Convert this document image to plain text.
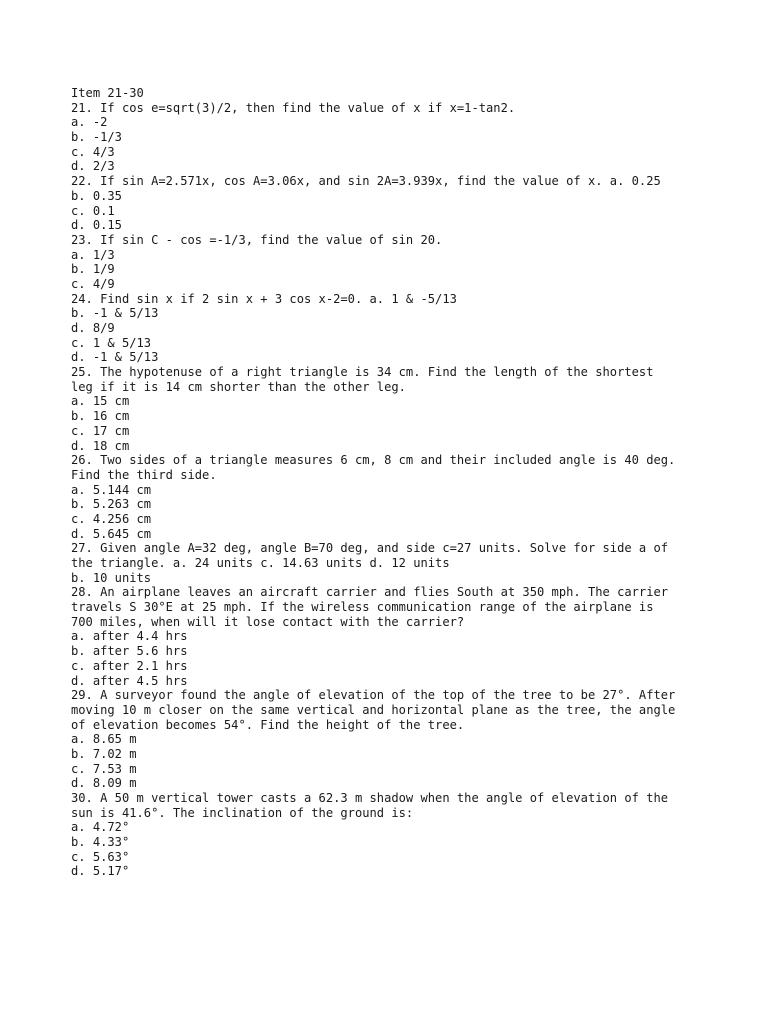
Item 21-30
21. If cos e=sqrt(3)/2, then find the value of x if x=1-tan2.
a. -2
b. -1/3
c. 4/3
d. 2/3
22. If sin A=2.571x, cos A=3.06x, and sin 2A=3.939x, find the value of x. a. 0.25
b. 0.35
c. 0.1
d. 0.15
23. If sin C - cos =-1/3, find the value of sin 20.
a. 1/3
b. 1/9
c. 4/9
24. Find sin x if 2 sin x + 3 cos x-2=0. a. 1 & -5/13
b. -1 & 5/13
d. 8/9
c. 1 & 5/13
d. -1 & 5/13
25. The hypotenuse of a right triangle is 34 cm. Find the length of the shortest
leg if it is 14 cm shorter than the other leg.
a. 15 cm
b. 16 cm
c. 17 cm
d. 18 cm
26. Two sides of a triangle measures 6 cm, 8 cm and their included angle is 40 deg.
Find the third side.
a. 5.144 cm
b. 5.263 cm
c. 4.256 cm
d. 5.645 cm
27. Given angle A=32 deg, angle B=70 deg, and side c=27 units. Solve for side a of
the triangle. a. 24 units c. 14.63 units d. 12 units
b. 10 units
28. An airplane leaves an aircraft carrier and flies South at 350 mph. The carrier
travels S 30°E at 25 mph. If the wireless communication range of the airplane is
700 miles, when will it lose contact with the carrier?
a. after 4.4 hrs
b. after 5.6 hrs
c. after 2.1 hrs
d. after 4.5 hrs
29. A surveyor found the angle of elevation of the top of the tree to be 27°. After
moving 10 m closer on the same vertical and horizontal plane as the tree, the angle
of elevation becomes 54°. Find the height of the tree.
a. 8.65 m
b. 7.02 m
c. 7.53 m
d. 8.09 m
30. A 50 m vertical tower casts a 62.3 m shadow when the angle of elevation of the
sun is 41.6°. The inclination of the ground is:
a. 4.72°
b. 4.33°
c. 5.63°
d. 5.17°
